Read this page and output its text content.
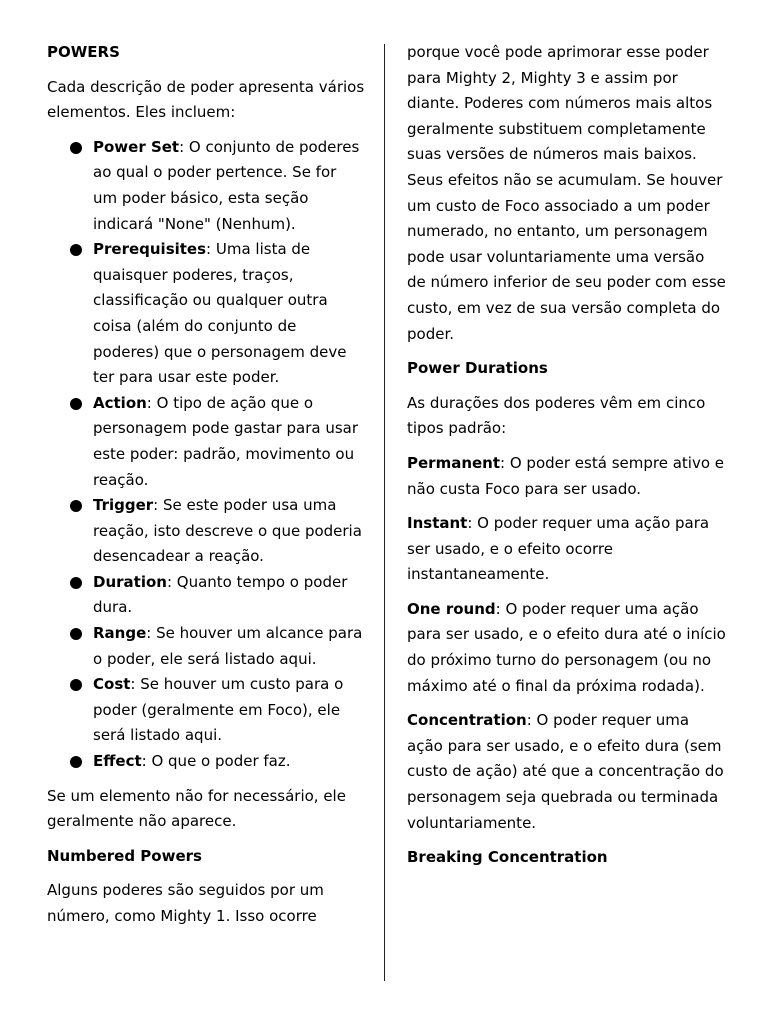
POWERS

Cada descrição de poder apresenta vários elementos. Eles incluem:

Power Set: O conjunto de poderes ao qual o poder pertence. Se for um poder básico, esta seção indicará "None" (Nenhum).
Prerequisites: Uma lista de quaisquer poderes, traços, classificação ou qualquer outra coisa (além do conjunto de poderes) que o personagem deve ter para usar este poder.
Action: O tipo de ação que o personagem pode gastar para usar este poder: padrão, movimento ou reação.
Trigger: Se este poder usa uma reação, isto descreve o que poderia desencadear a reação.
Duration: Quanto tempo o poder dura.
Range: Se houver um alcance para o poder, ele será listado aqui.
Cost: Se houver um custo para o poder (geralmente em Foco), ele será listado aqui.
Effect: O que o poder faz.

Se um elemento não for necessário, ele geralmente não aparece.

Numbered Powers

Alguns poderes são seguidos por um número, como Mighty 1. Isso ocorre

porque você pode aprimorar esse poder para Mighty 2, Mighty 3 e assim por diante. Poderes com números mais altos geralmente substituem completamente suas versões de números mais baixos. Seus efeitos não se acumulam. Se houver um custo de Foco associado a um poder numerado, no entanto, um personagem pode usar voluntariamente uma versão de número inferior de seu poder com esse custo, em vez de sua versão completa do poder.

Power Durations

As durações dos poderes vêm em cinco tipos padrão:

Permanent: O poder está sempre ativo e não custa Foco para ser usado.

Instant: O poder requer uma ação para ser usado, e o efeito ocorre instantaneamente.

One round: O poder requer uma ação para ser usado, e o efeito dura até o início do próximo turno do personagem (ou no máximo até o final da próxima rodada).

Concentration: O poder requer uma ação para ser usado, e o efeito dura (sem custo de ação) até que a concentração do personagem seja quebrada ou terminada voluntariamente.

Breaking Concentration
